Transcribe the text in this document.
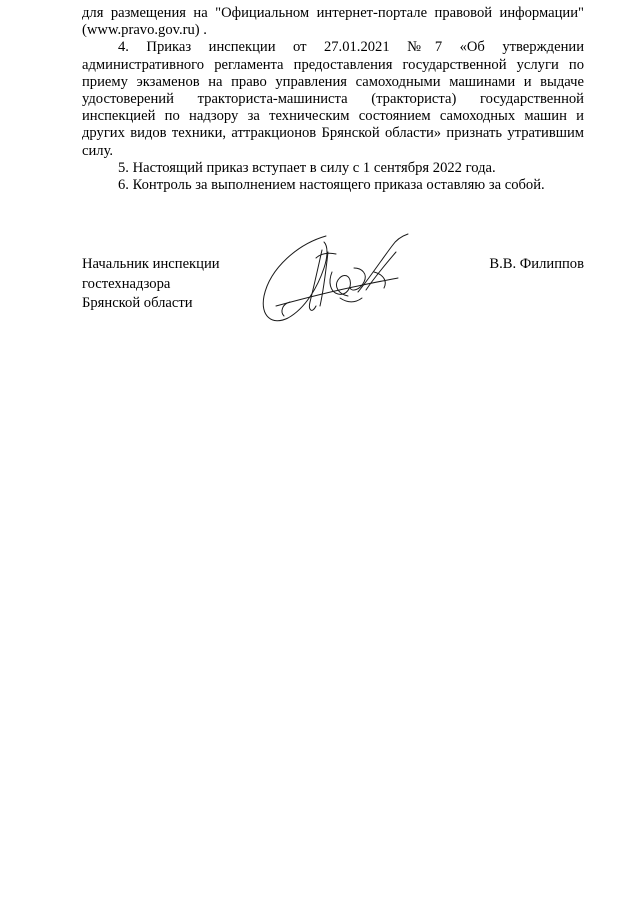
для размещения на "Официальном интернет-портале правовой информации" (www.pravo.gov.ru) .

4. Приказ инспекции от 27.01.2021 №7 «Об утверждении административного регламента предоставления государственной услуги по приему экзаменов на право управления самоходными машинами и выдаче удостоверений тракториста-машиниста (тракториста) государственной инспекцией по надзору за техническим состоянием самоходных машин и других видов техники, аттракционов Брянской области» признать утратившим силу.

5. Настоящий приказ вступает в силу с 1 сентября 2022 года.

6. Контроль за выполнением настоящего приказа оставляю за собой.

Начальник инспекции
гостехнадзора
Брянской области
В.В. Филиппов
